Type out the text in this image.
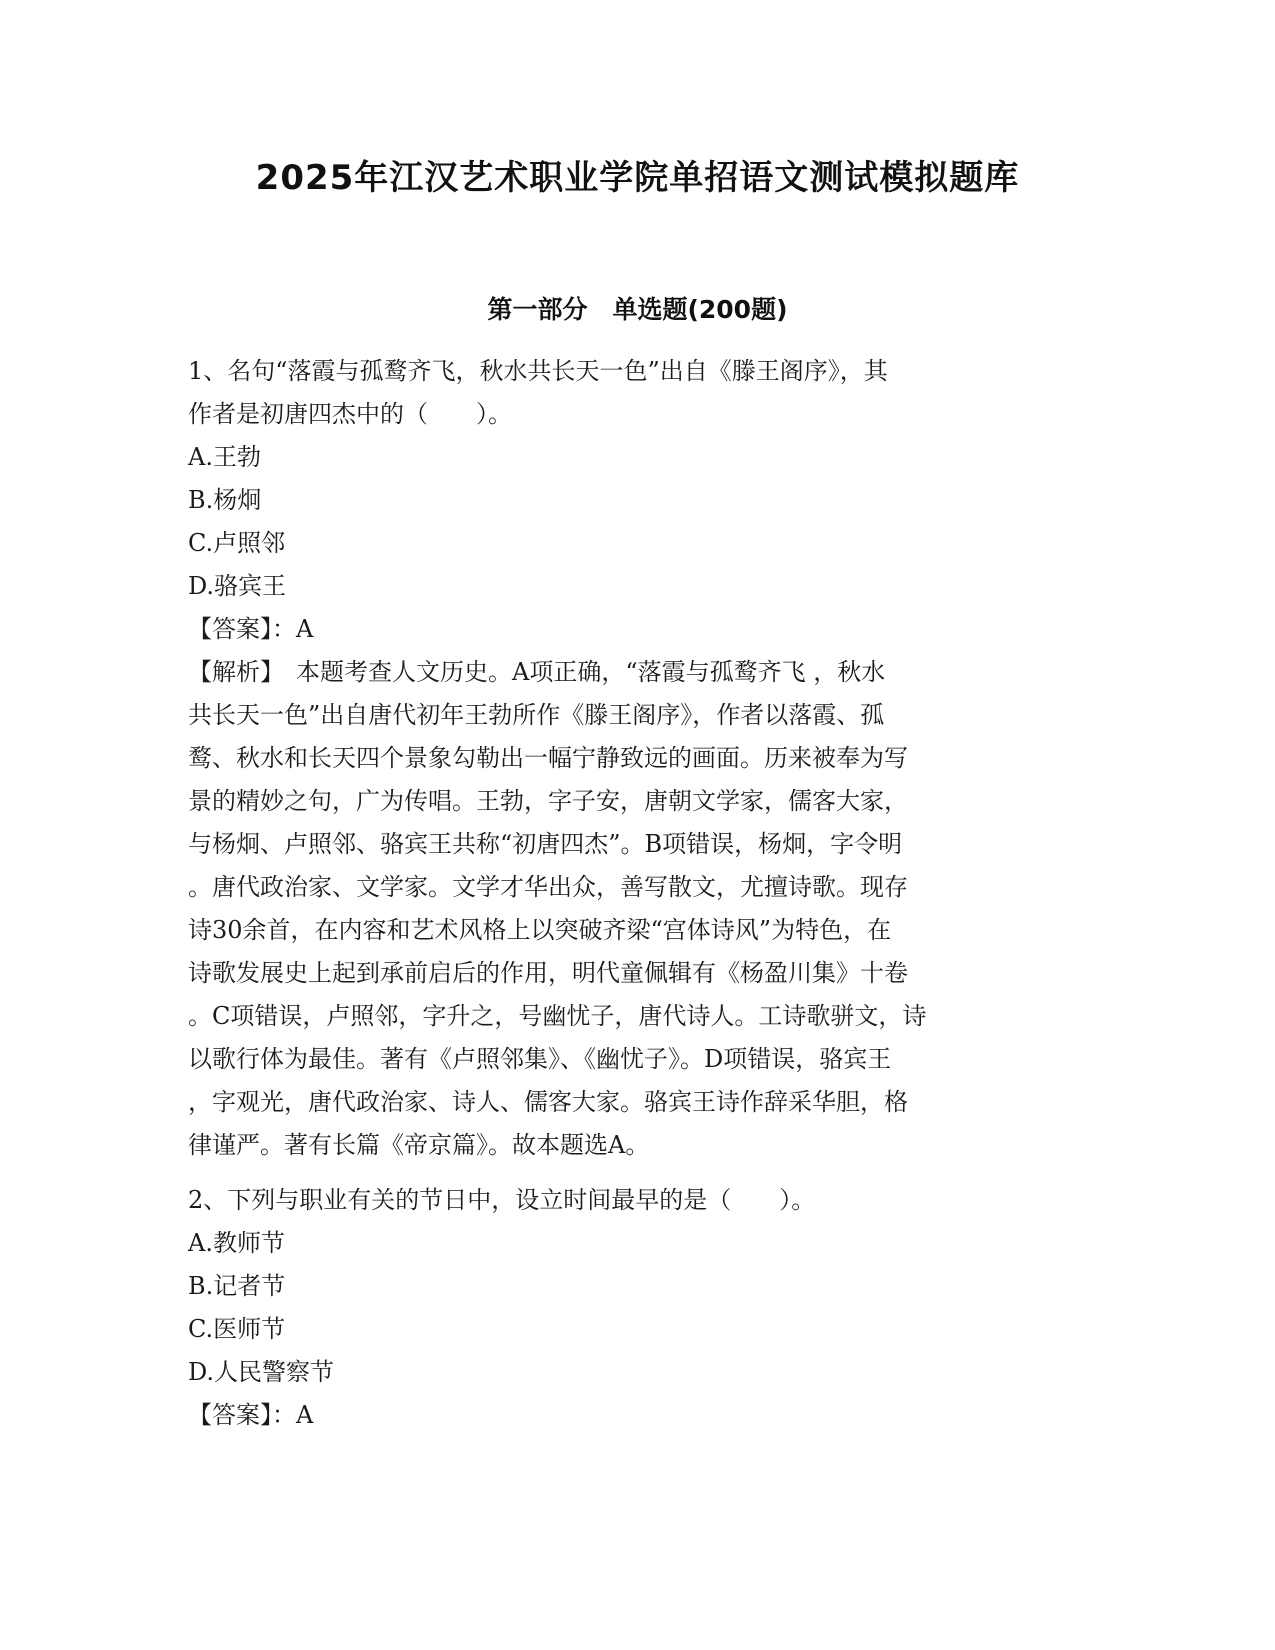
2025年江汉艺术职业学院单招语文测试模拟题库
第一部分　单选题(200题)
1、名句“落霞与孤鹜齐飞，秋水共长天一色”出自《滕王阁序》，其
作者是初唐四杰中的（　　）。
A.王勃
B.杨炯
C.卢照邻
D.骆宾王
【答案】：A
【解析】　本题考查人文历史。A项正确，“落霞与孤鹜齐飞 ，秋水
共长天一色”出自唐代初年王勃所作《滕王阁序》，作者以落霞、孤
鹜、秋水和长天四个景象勾勒出一幅宁静致远的画面。历来被奉为写
景的精妙之句，广为传唱。王勃，字子安，唐朝文学家，儒客大家，
与杨炯、卢照邻、骆宾王共称“初唐四杰”。B项错误，杨炯，字令明
。唐代政治家、文学家。文学才华出众，善写散文，尤擅诗歌。现存
诗30余首，在内容和艺术风格上以突破齐梁“宫体诗风”为特色，在
诗歌发展史上起到承前启后的作用，明代童佩辑有《杨盈川集》十卷
。C项错误，卢照邻，字升之，号幽忧子，唐代诗人。工诗歌骈文，诗
以歌行体为最佳。著有《卢照邻集》、《幽忧子》。D项错误，骆宾王
，字观光，唐代政治家、诗人、儒客大家。骆宾王诗作辞采华胆，格
律谨严。著有长篇《帝京篇》。故本题选A。
2、下列与职业有关的节日中，设立时间最早的是（　　）。
A.教师节
B.记者节
C.医师节
D.人民警察节
【答案】：A
